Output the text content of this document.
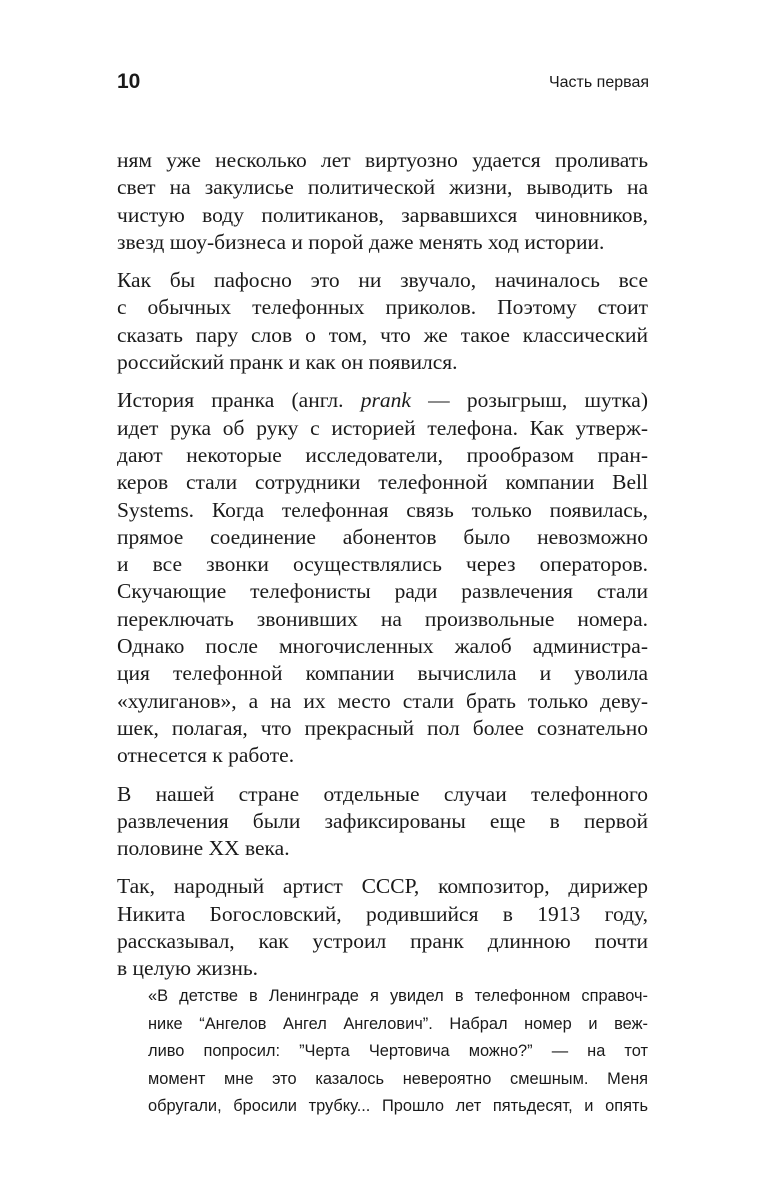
10	Часть первая

ням уже несколько лет виртуозно удается проливать
свет на закулисье политической жизни, выводить на
чистую воду политиканов, зарвавшихся чиновников,
звезд шоу-бизнеса и порой даже менять ход истории.

Как бы пафосно это ни звучало, начиналось все
с обычных телефонных приколов. Поэтому стоит
сказать пару слов о том, что же такое классический
российский пранк и как он появился.

История пранка (англ. prank — розыгрыш, шутка)
идет рука об руку с историей телефона. Как утверж-
дают некоторые исследователи, прообразом пран-
керов стали сотрудники телефонной компании Bell
Systems. Когда телефонная связь только появилась,
прямое соединение абонентов было невозможно
и все звонки осуществлялись через операторов.
Скучающие телефонисты ради развлечения стали
переключать звонивших на произвольные номера.
Однако после многочисленных жалоб администра-
ция телефонной компании вычислила и уволила
«хулиганов», а на их место стали брать только деву-
шек, полагая, что прекрасный пол более сознательно
отнесется к работе.

В нашей стране отдельные случаи телефонного
развлечения были зафиксированы еще в первой
половине XX века.

Так, народный артист СССР, композитор, дирижер
Никита Богословский, родившийся в 1913 году,
рассказывал, как устроил пранк длинною почти
в целую жизнь.

«В детстве в Ленинграде я увидел в телефонном справоч-
нике “Ангелов Ангел Ангелович”. Набрал номер и веж-
ливо попросил: ”Черта Чертовича можно?” — на тот
момент мне это казалось невероятно смешным. Меня
обругали, бросили трубку... Прошло лет пятьдесят, и опять
